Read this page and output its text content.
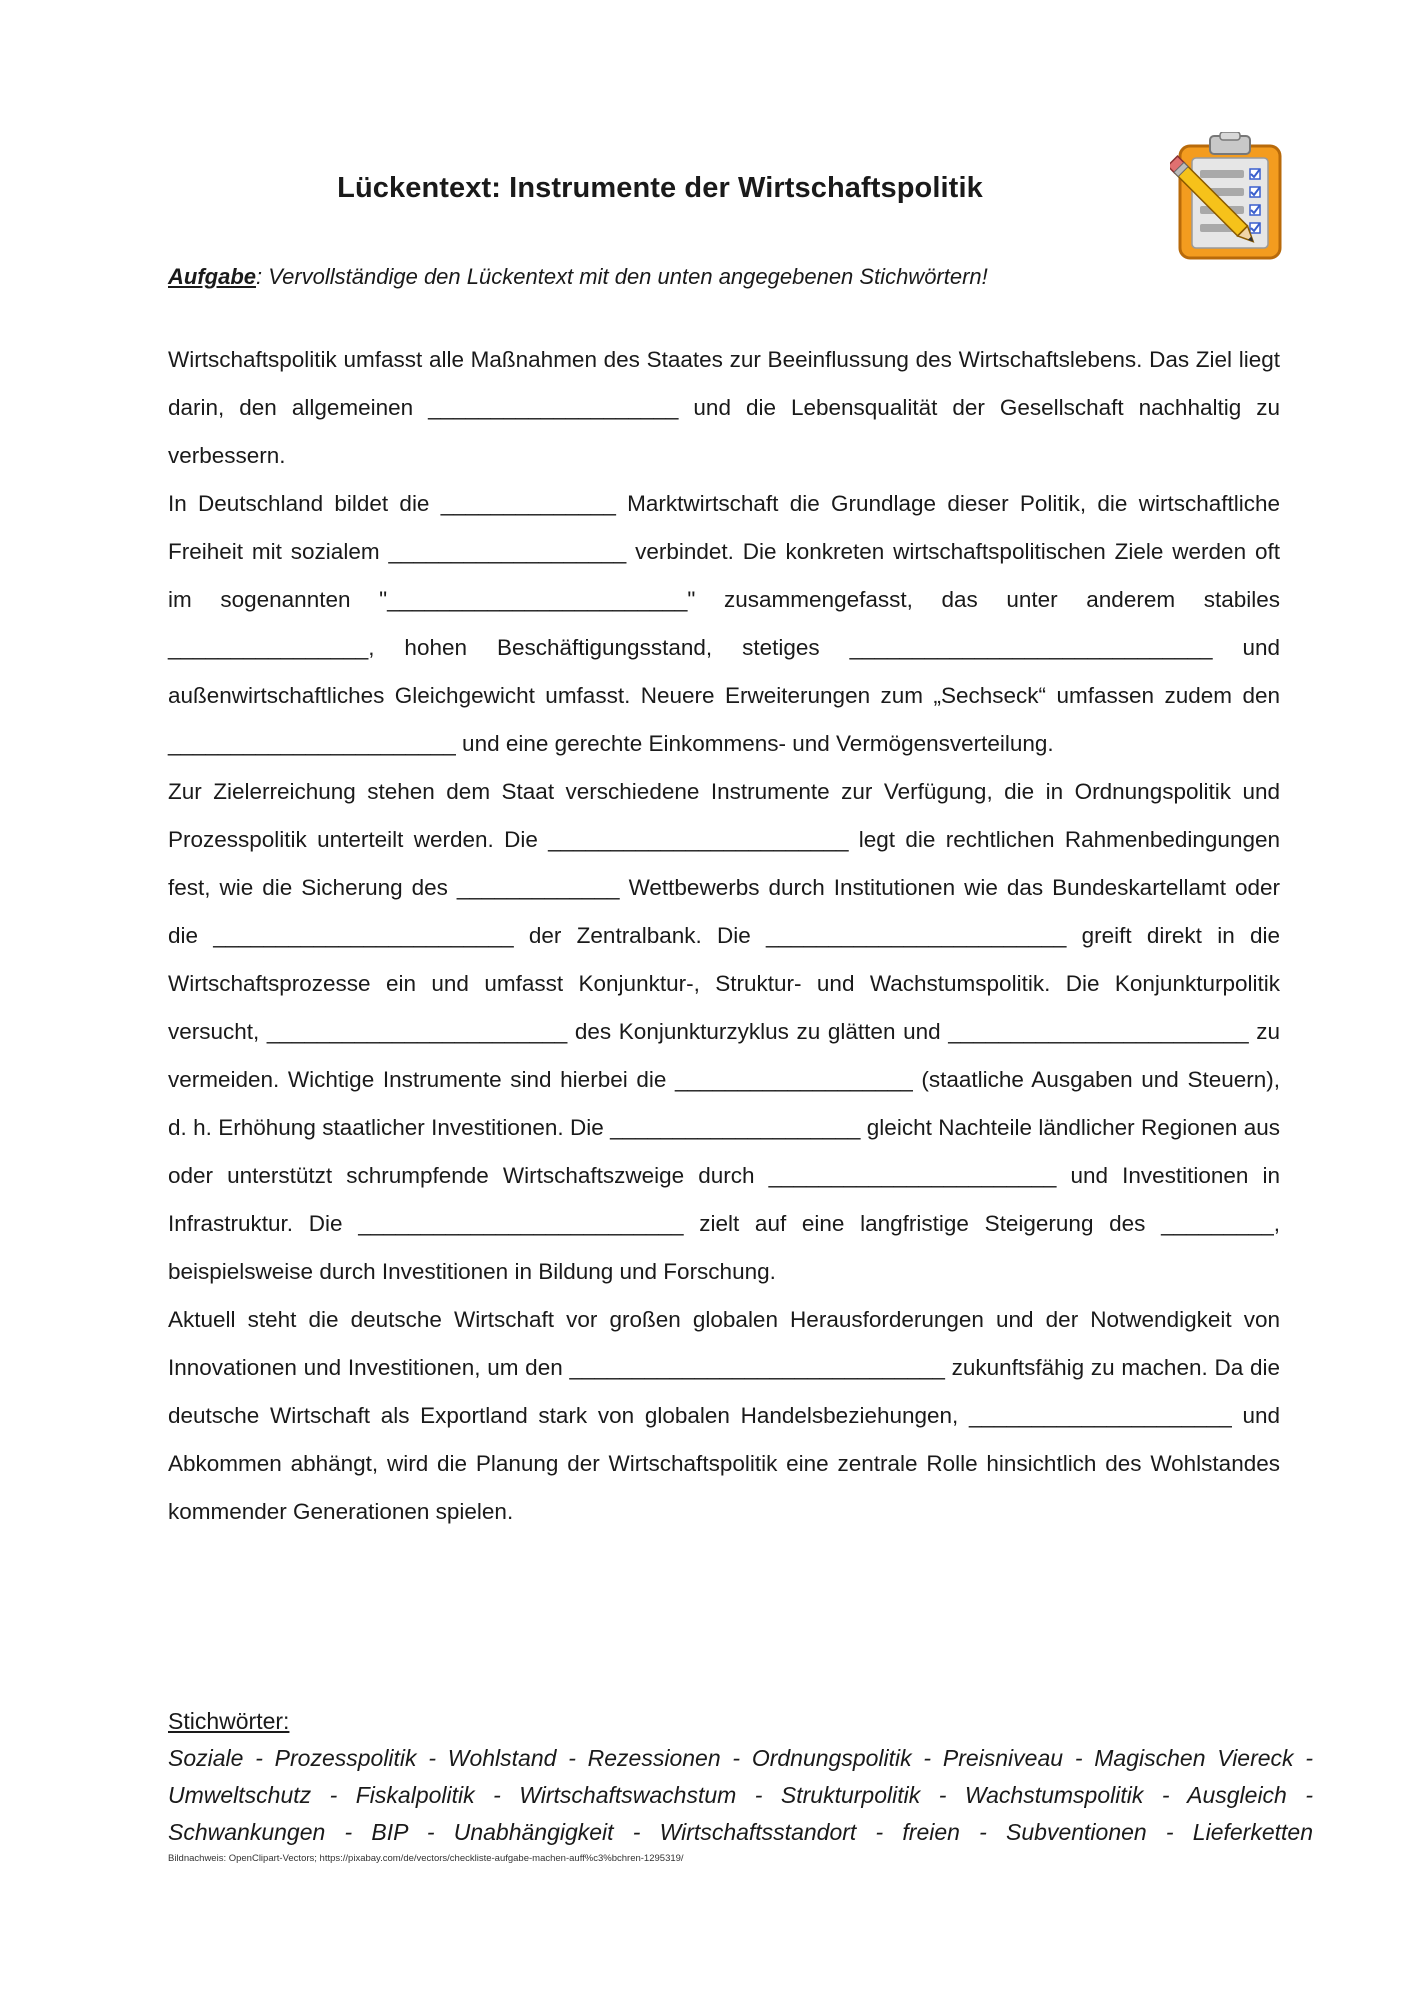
Lückentext: Instrumente der Wirtschaftspolitik
Aufgabe: Vervollständige den Lückentext mit den unten angegebenen Stichwörtern!

Wirtschaftspolitik umfasst alle Maßnahmen des Staates zur Beeinflussung des Wirtschaftslebens. Das Ziel liegt darin, den allgemeinen ____________________ und die Lebensqualität der Gesellschaft nachhaltig zu verbessern.

In Deutschland bildet die ______________ Marktwirtschaft die Grundlage dieser Politik, die wirtschaftliche Freiheit mit sozialem ___________________ verbindet. Die konkreten wirtschaftspolitischen Ziele werden oft im sogenannten "________________________" zusammengefasst, das unter anderem stabiles ________________, hohen Beschäftigungsstand, stetiges _____________________________ und außenwirtschaftliches Gleichgewicht umfasst. Neuere Erweiterungen zum „Sechseck“ umfassen zudem den _______________________ und eine gerechte Einkommens- und Vermögensverteilung.

Zur Zielerreichung stehen dem Staat verschiedene Instrumente zur Verfügung, die in Ordnungspolitik und Prozesspolitik unterteilt werden. Die ________________________ legt die rechtlichen Rahmenbedingungen fest, wie die Sicherung des _____________ Wettbewerbs durch Institutionen wie das Bundeskartellamt oder die ________________________ der Zentralbank. Die ________________________ greift direkt in die Wirtschaftsprozesse ein und umfasst Konjunktur-, Struktur- und Wachstumspolitik. Die Konjunkturpolitik versucht, ________________________ des Konjunkturzyklus zu glätten und ________________________ zu vermeiden. Wichtige Instrumente sind hierbei die ___________________ (staatliche Ausgaben und Steuern), d. h. Erhöhung staatlicher Investitionen. Die ____________________ gleicht Nachteile ländlicher Regionen aus oder unterstützt schrumpfende Wirtschaftszweige durch _______________________ und Investitionen in Infrastruktur. Die __________________________ zielt auf eine langfristige Steigerung des _________, beispielsweise durch Investitionen in Bildung und Forschung.

Aktuell steht die deutsche Wirtschaft vor großen globalen Herausforderungen und der Notwendigkeit von Innovationen und Investitionen, um den ______________________________ zukunftsfähig zu machen. Da die deutsche Wirtschaft als Exportland stark von globalen Handelsbeziehungen, _____________________ und Abkommen abhängt, wird die Planung der Wirtschaftspolitik eine zentrale Rolle hinsichtlich des Wohlstandes kommender Generationen spielen.

Stichwörter:
Soziale - Prozesspolitik - Wohlstand - Rezessionen - Ordnungspolitik - Preisniveau - Magischen Viereck - Umweltschutz - Fiskalpolitik - Wirtschaftswachstum - Strukturpolitik - Wachstumspolitik - Ausgleich - Schwankungen - BIP - Unabhängigkeit - Wirtschaftsstandort - freien - Subventionen - Lieferketten
Bildnachweis: OpenClipart-Vectors; https://pixabay.com/de/vectors/checkliste-aufgabe-machen-auff%c3%bchren-1295319/
